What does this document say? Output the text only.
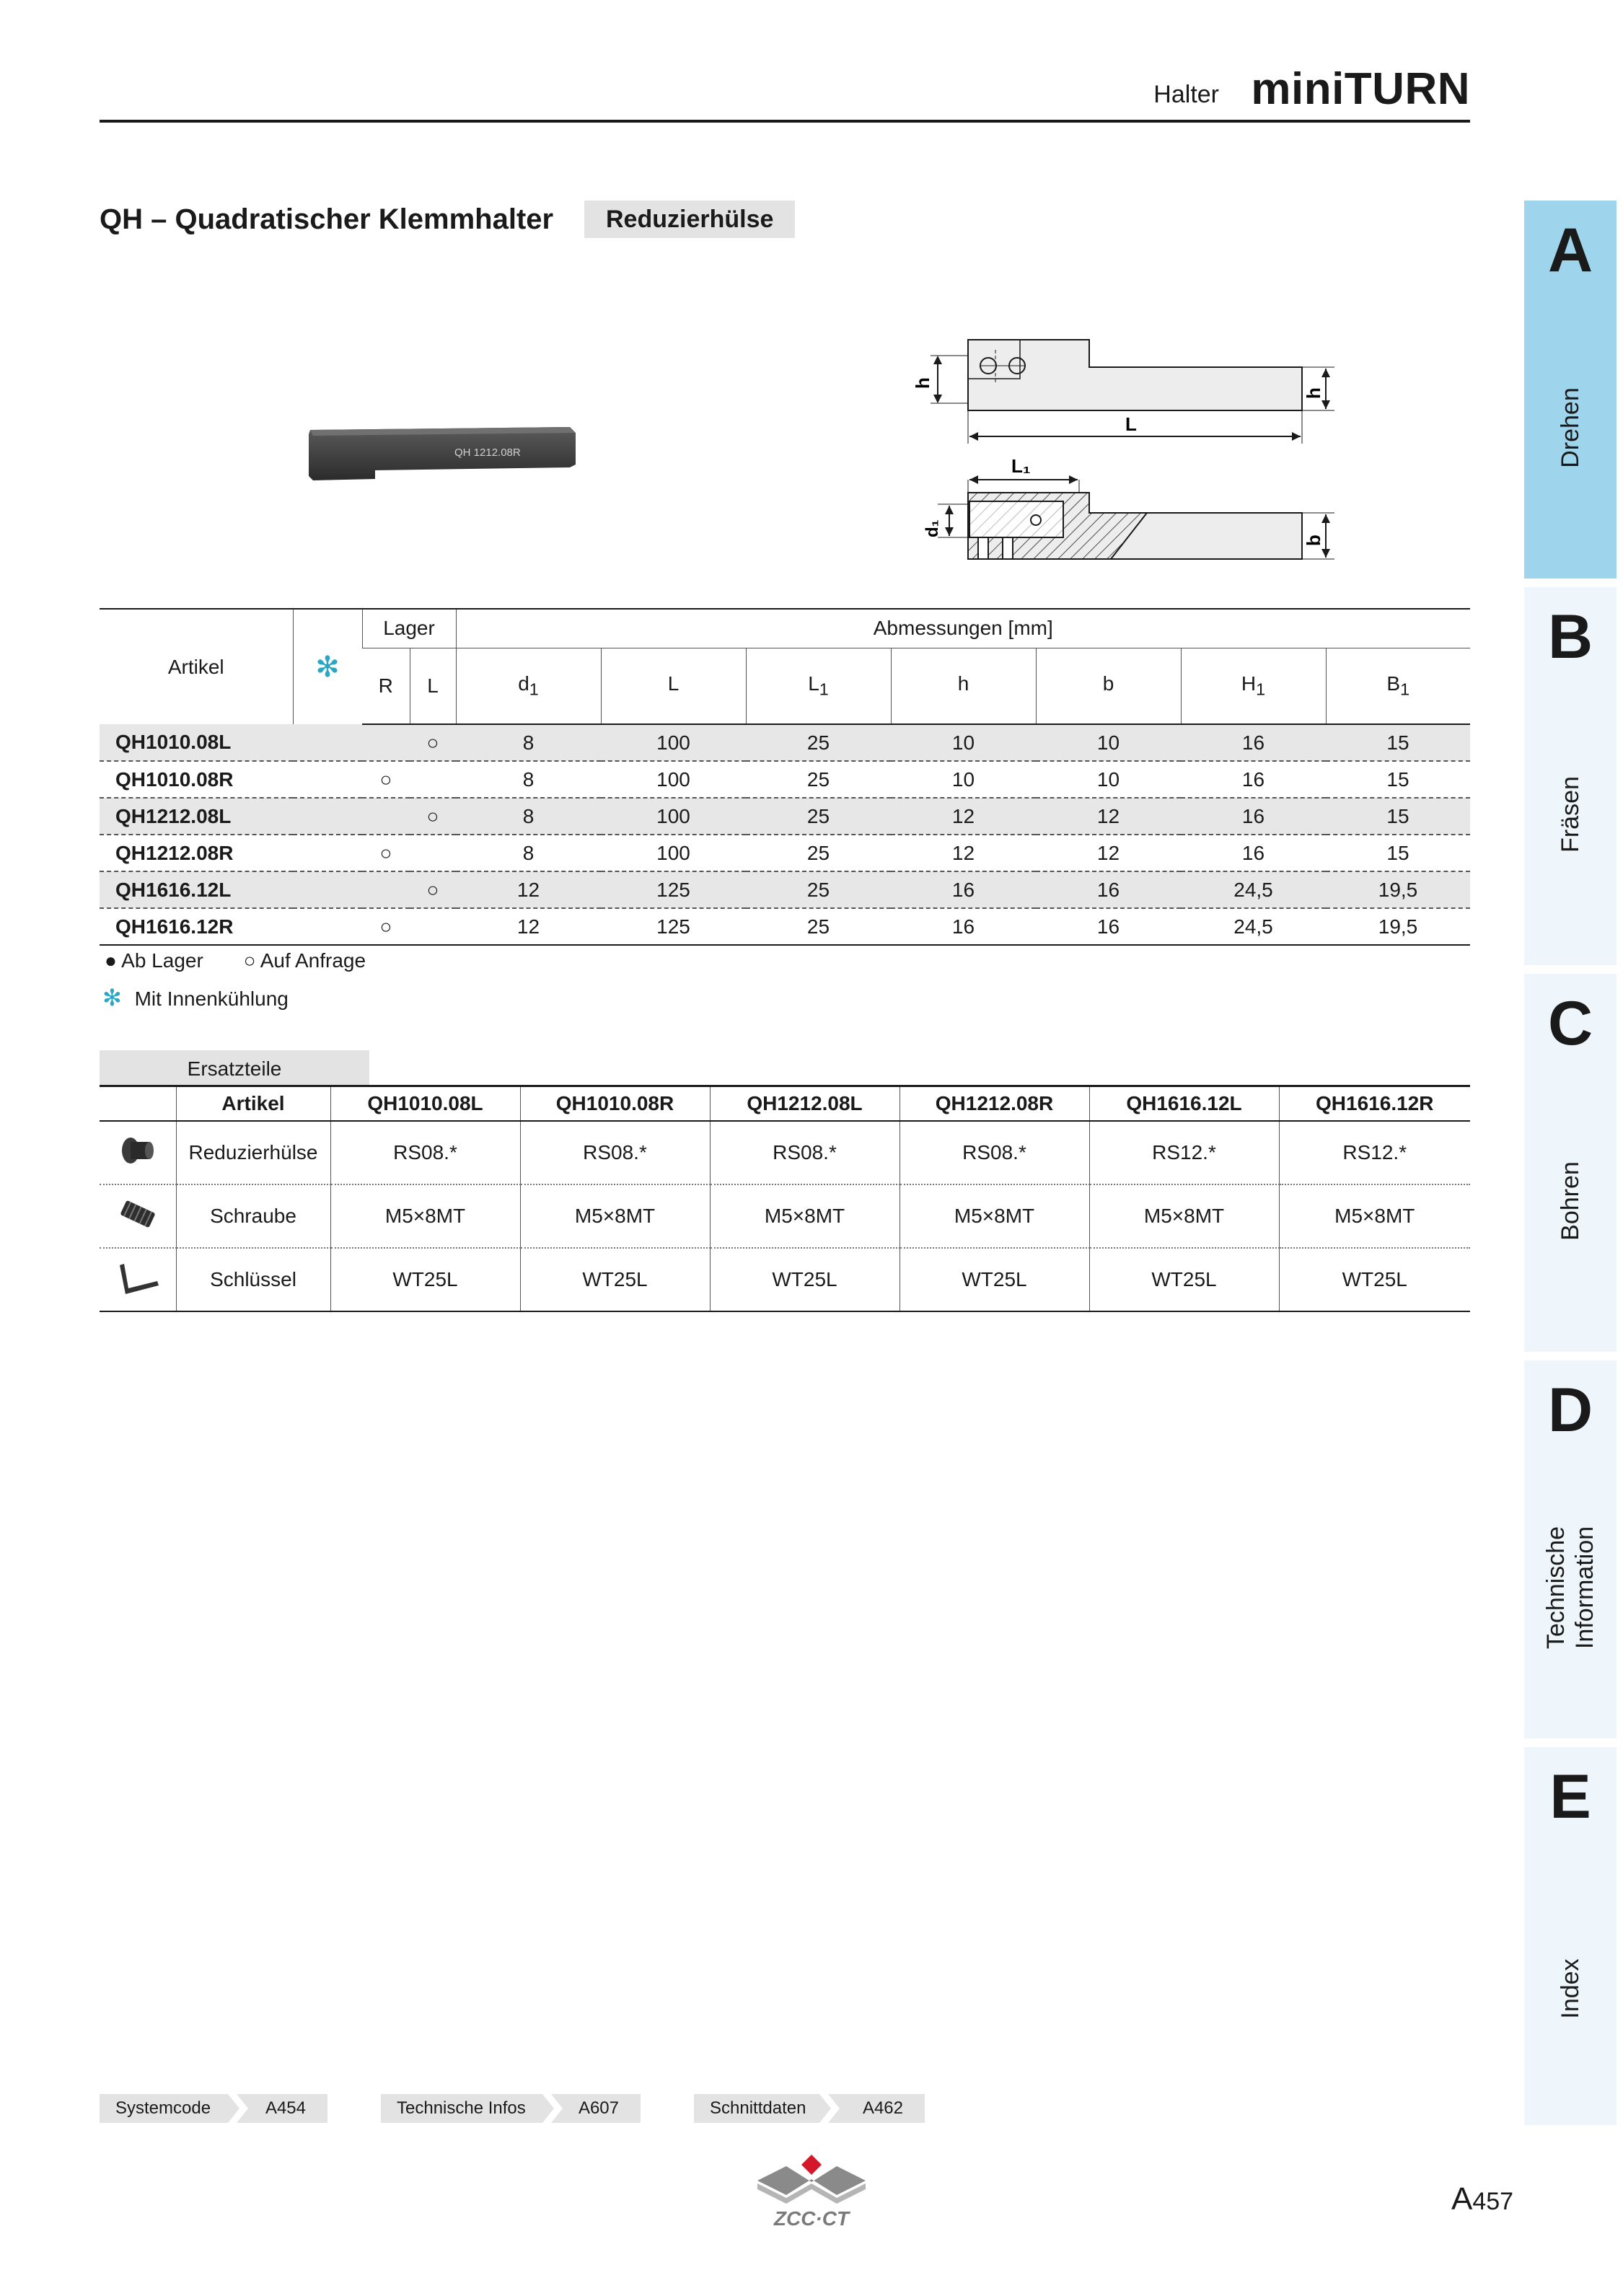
Halter miniTURN
QH – Quadratischer Klemmhalter	Reduzierhülse
QH 1212.08R
h
h
L
L₁
d₁
b
A
Drehen
B
Fräsen
C
Bohren
D
Technische Information
E
Index
Artikel	✻	Lager		Abmessungen [mm]						
		R	L	$d_1$	L	$L_1$	h	b	$H_1$	$B_1$
QH1010.08L			○	8	100	25	10	10	16	15
QH1010.08R		○		8	100	25	10	10	16	15
QH1212.08L			○	8	100	25	12	12	16	15
QH1212.08R		○		8	100	25	12	12	16	15
QH1616.12L			○	12	125	25	16	16	24,5	19,5
QH1616.12R		○		12	125	25	16	16	24,5	19,5
● Ab Lager ○ Auf Anfrage
✻ Mit Innenkühlung
Ersatzteile
	Artikel	QH1010.08L	QH1010.08R	QH1212.08L	QH1212.08R	QH1616.12L	QH1616.12R
	Reduzierhülse	RS08.*	RS08.*	RS08.*	RS08.*	RS12.*	RS12.*
	Schraube	M5×8MT	M5×8MT	M5×8MT	M5×8MT	M5×8MT	M5×8MT
	Schlüssel	WT25L	WT25L	WT25L	WT25L	WT25L	WT25L
Systemcode	A454	Technische Infos	A607	Schnittdaten	A462
ZCC·CT
A457
